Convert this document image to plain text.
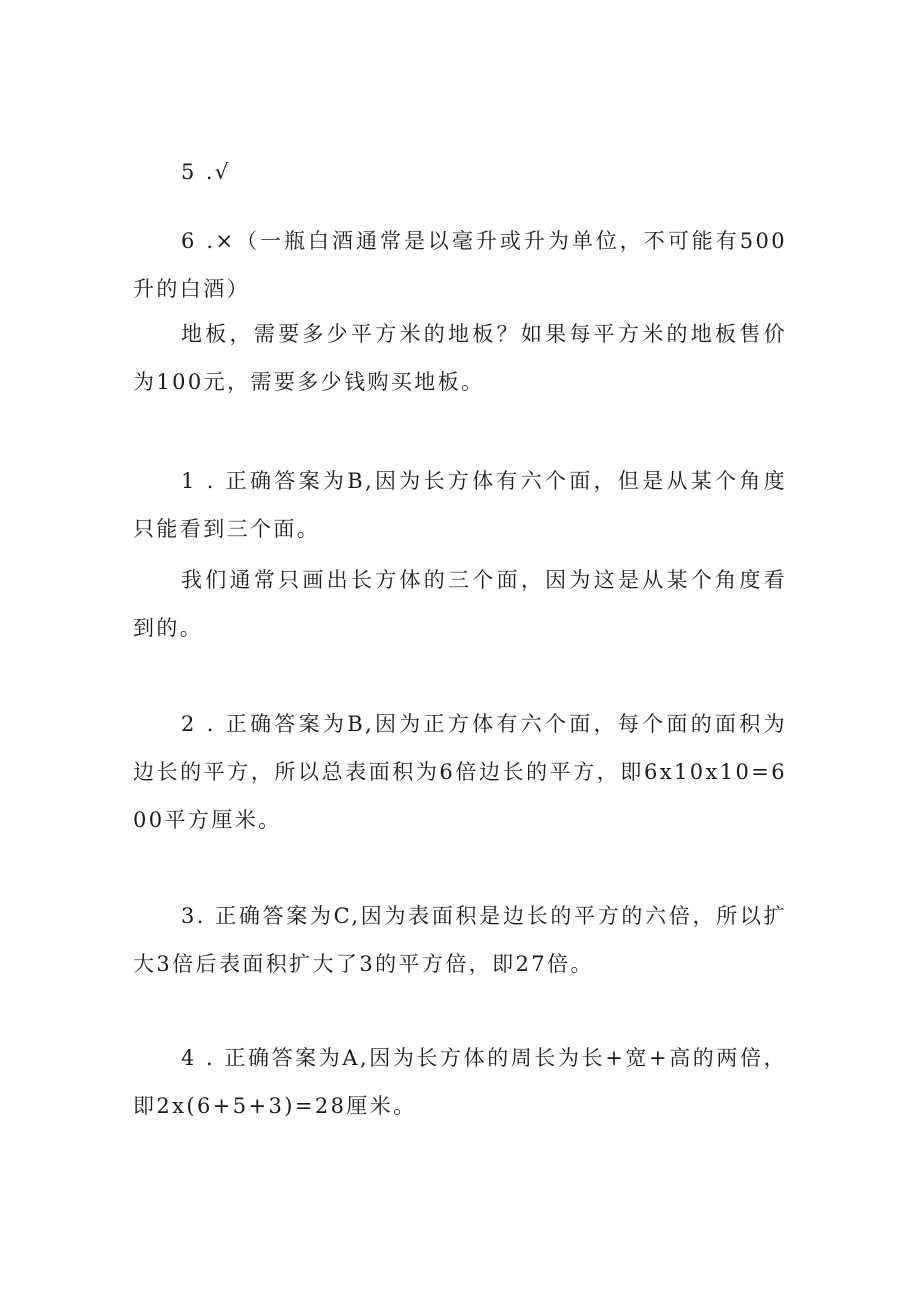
5 .√

6 .×（一瓶白酒通常是以毫升或升为单位，不可能有500升的白酒）

地板，需要多少平方米的地板？如果每平方米的地板售价为100元，需要多少钱购买地板。

1 . 正确答案为B,因为长方体有六个面，但是从某个角度只能看到三个面。

我们通常只画出长方体的三个面，因为这是从某个角度看到的。

2 . 正确答案为B,因为正方体有六个面，每个面的面积为边长的平方，所以总表面积为6倍边长的平方，即6x10x10=600平方厘米。

3. 正确答案为C,因为表面积是边长的平方的六倍，所以扩大3倍后表面积扩大了3的平方倍，即27倍。

4 . 正确答案为A,因为长方体的周长为长+宽+高的两倍，即2x(6+5+3)=28厘米。
